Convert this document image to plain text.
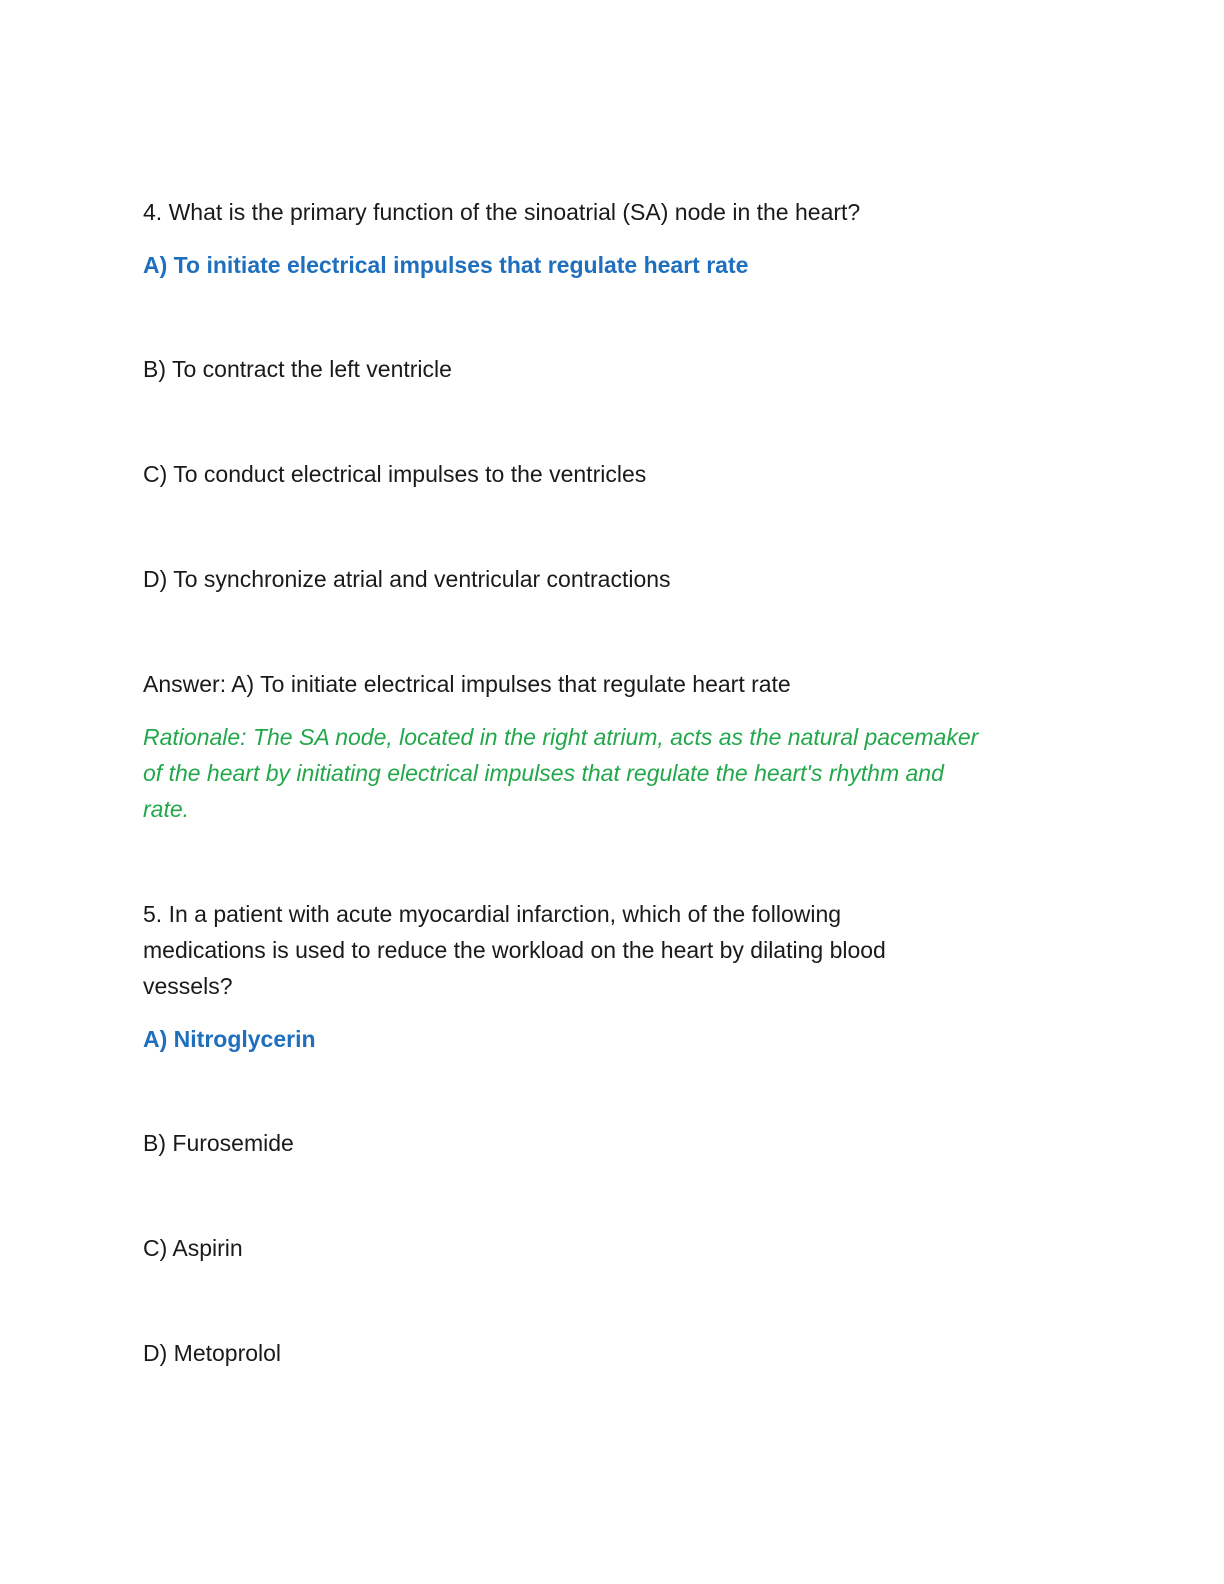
4. What is the primary function of the sinoatrial (SA) node in the heart?
A) To initiate electrical impulses that regulate heart rate
B) To contract the left ventricle
C) To conduct electrical impulses to the ventricles
D) To synchronize atrial and ventricular contractions
Answer: A) To initiate electrical impulses that regulate heart rate
Rationale: The SA node, located in the right atrium, acts as the natural pacemaker
of the heart by initiating electrical impulses that regulate the heart's rhythm and
rate.
5. In a patient with acute myocardial infarction, which of the following
medications is used to reduce the workload on the heart by dilating blood
vessels?
A) Nitroglycerin
B) Furosemide
C) Aspirin
D) Metoprolol
